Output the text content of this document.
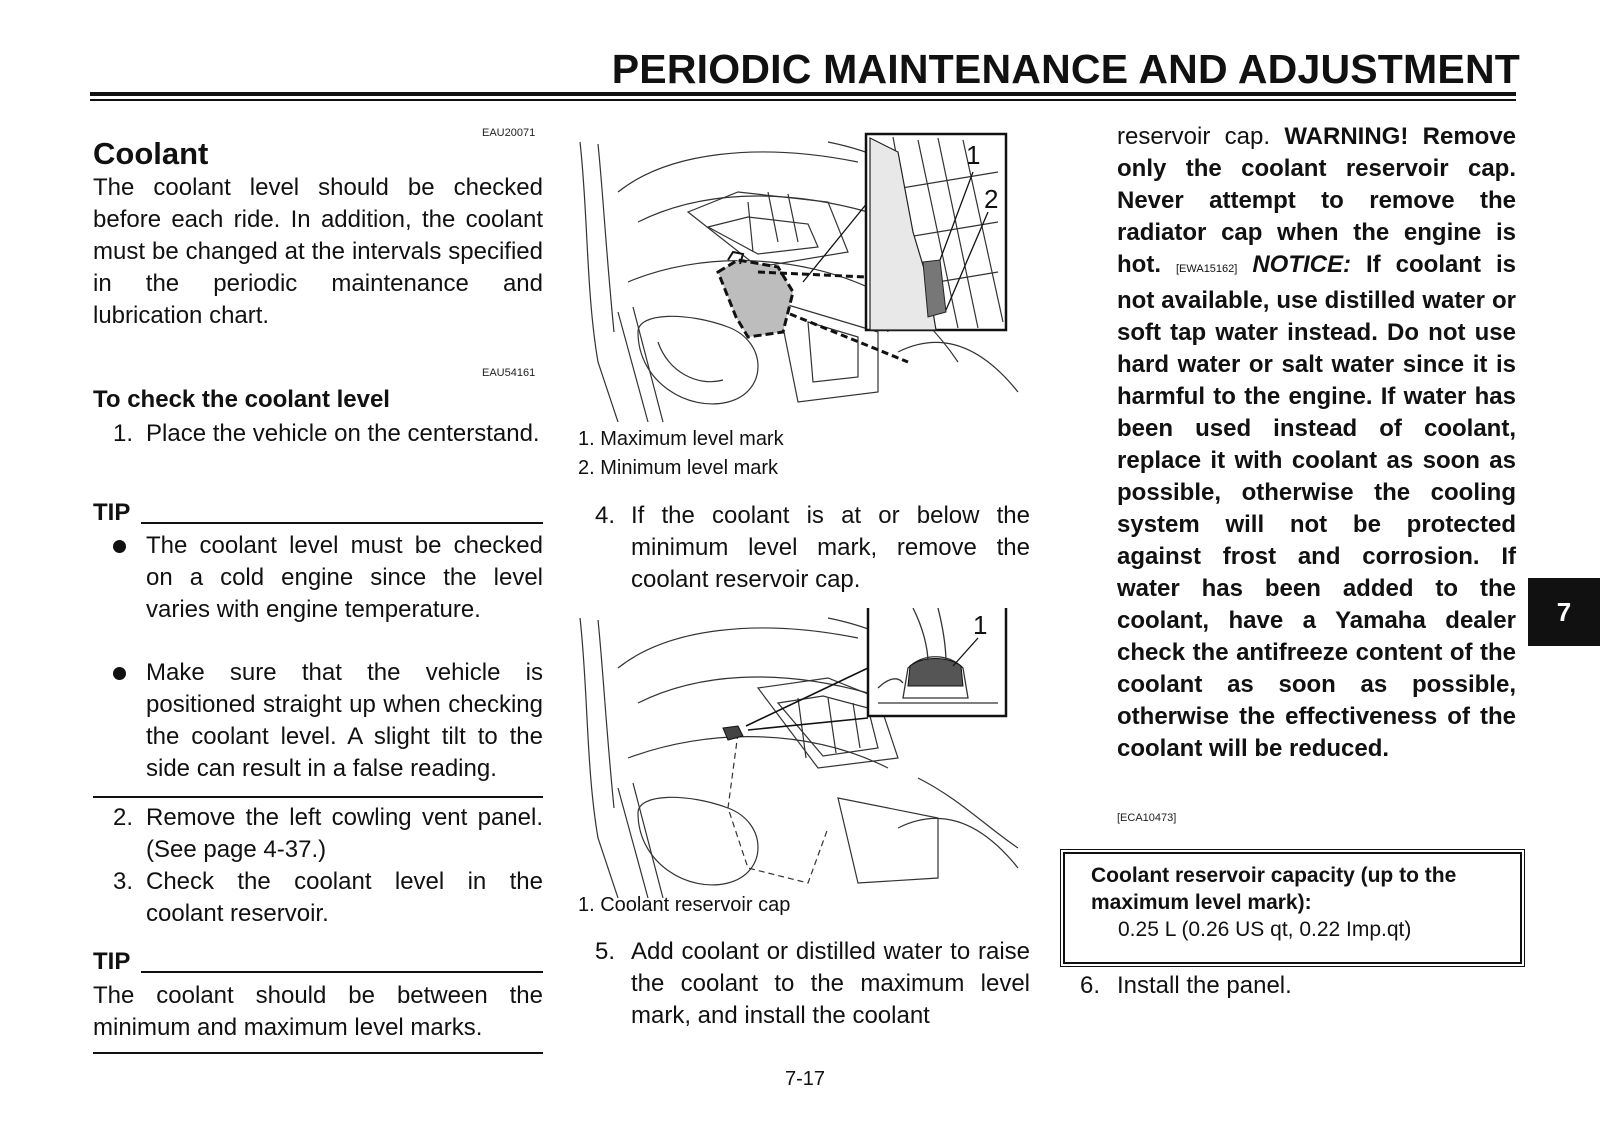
PERIODIC MAINTENANCE AND ADJUSTMENT
EAU20071
Coolant
The coolant level should be checked before each ride. In addition, the coolant must be changed at the intervals specified in the periodic maintenance and lubrication chart.
EAU54161
To check the coolant level
1. Place the vehicle on the centerstand.
TIP
The coolant level must be checked on a cold engine since the level varies with engine temperature.
Make sure that the vehicle is positioned straight up when checking the coolant level. A slight tilt to the side can result in a false reading.
2. Remove the left cowling vent panel. (See page 4-37.)
3. Check the coolant level in the coolant reservoir.
TIP
The coolant should be between the minimum and maximum level marks.
1
2
1. Maximum level mark
2. Minimum level mark
4. If the coolant is at or below the minimum level mark, remove the coolant reservoir cap.
1
1. Coolant reservoir cap
5. Add coolant or distilled water to raise the coolant to the maximum level mark, and install the coolant
reservoir cap. WARNING! Remove only the coolant reservoir cap. Never attempt to remove the radiator cap when the engine is hot. [EWA15162] NOTICE: If coolant is not available, use distilled water or soft tap water instead. Do not use hard water or salt water since it is harmful to the engine. If water has been used instead of coolant, replace it with coolant as soon as possible, otherwise the cooling system will not be protected against frost and corrosion. If water has been added to the coolant, have a Yamaha dealer check the antifreeze content of the coolant as soon as possible, otherwise the effectiveness of the coolant will be reduced.
[ECA10473]
Coolant reservoir capacity (up to the maximum level mark):
0.25 L (0.26 US qt, 0.22 Imp.qt)
6. Install the panel.
7
7-17
